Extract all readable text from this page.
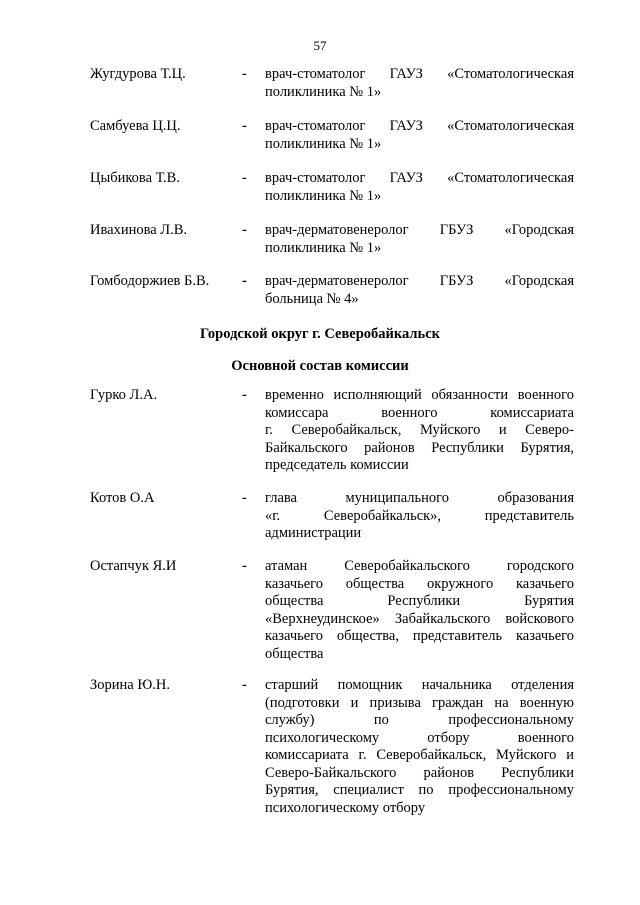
57
Жугдурова Т.Ц.	-	врач-стоматолог ГАУЗ «Стоматологическая
поликлиника № 1»
Самбуева Ц.Ц.	-	врач-стоматолог ГАУЗ «Стоматологическая
поликлиника № 1»
Цыбикова Т.В.	-	врач-стоматолог ГАУЗ «Стоматологическая
поликлиника № 1»
Ивахинова Л.В.	-	врач-дерматовенеролог ГБУЗ «Городская
поликлиника № 1»
Гомбодоржиев Б.В.	-	врач-дерматовенеролог ГБУЗ «Городская
больница № 4»
Городской округ г. Северобайкальск
Основной состав комиссии
Гурко Л.А.	-	временно исполняющий обязанности военного
комиссара военного комиссариата
г. Северобайкальск, Муйского и Северо-
Байкальского районов Республики Бурятия,
председатель комиссии
Котов О.А	-	глава муниципального образования
«г. Северобайкальск», представитель
администрации
Остапчук Я.И	-	атаман Северобайкальского городского
казачьего общества окружного казачьего
общества Республики Бурятия
«Верхнеудинское» Забайкальского войскового
казачьего общества, представитель казачьего
общества
Зорина Ю.Н.	-	старший помощник начальника отделения
(подготовки и призыва граждан на военную
службу) по профессиональному
психологическому отбору военного
комиссариата г. Северобайкальск, Муйского и
Северо-Байкальского районов Республики
Бурятия, специалист по профессиональному
психологическому отбору
